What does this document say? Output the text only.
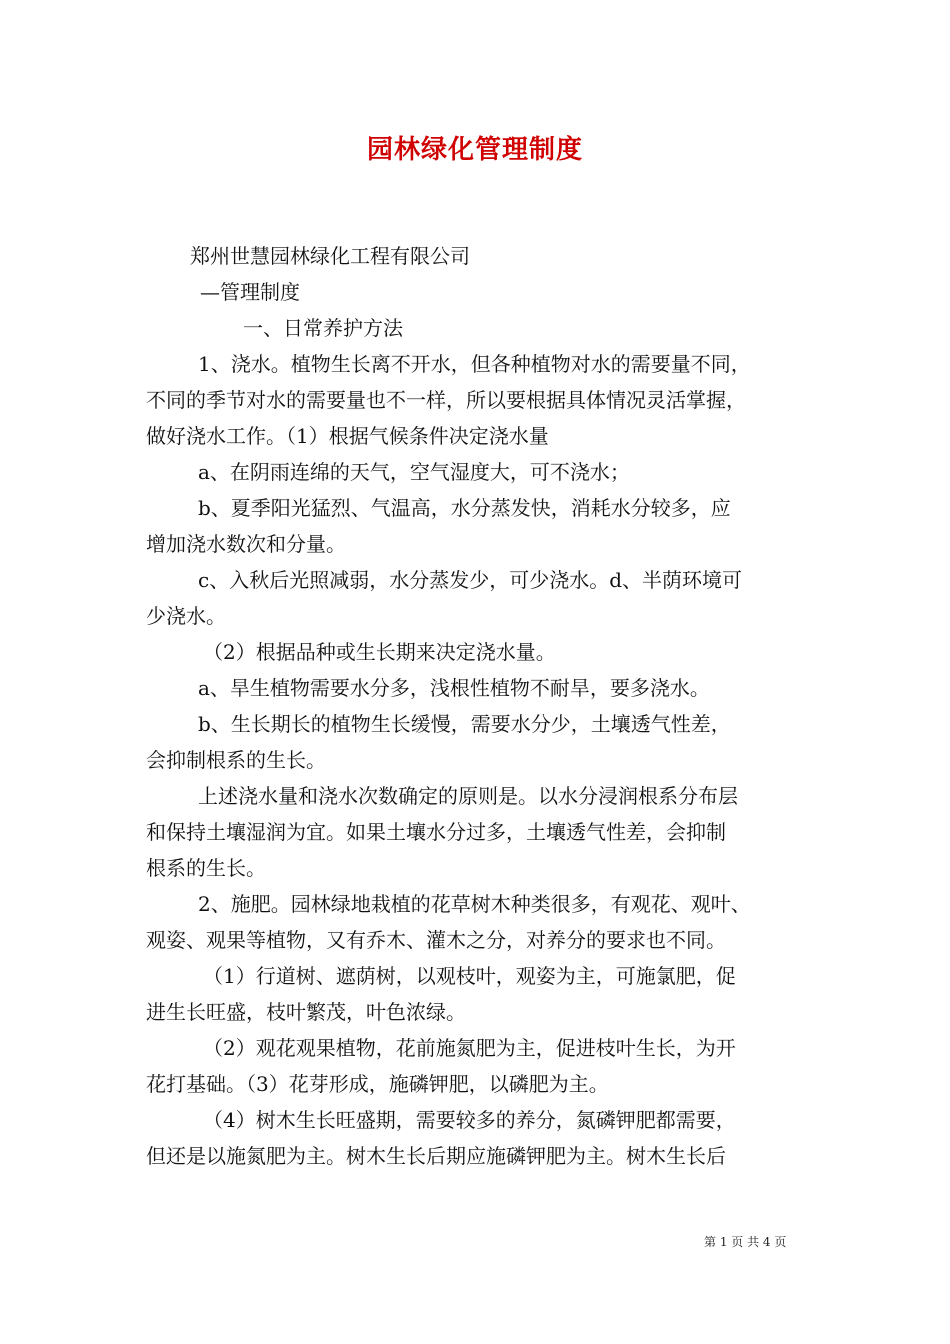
园林绿化管理制度
郑州世慧园林绿化工程有限公司
—管理制度
一、日常养护方法
1、浇水。植物生长离不开水，但各种植物对水的需要量不同，
不同的季节对水的需要量也不一样，所以要根据具体情况灵活掌握，
做好浇水工作。（1）根据气候条件决定浇水量
a、在阴雨连绵的天气，空气湿度大，可不浇水；
b、夏季阳光猛烈、气温高，水分蒸发快，消耗水分较多，应
增加浇水数次和分量。
c、入秋后光照减弱，水分蒸发少，可少浇水。d、半荫环境可
少浇水。
（2）根据品种或生长期来决定浇水量。
a、旱生植物需要水分多，浅根性植物不耐旱，要多浇水。
b、生长期长的植物生长缓慢，需要水分少，土壤透气性差，
会抑制根系的生长。
上述浇水量和浇水次数确定的原则是。以水分浸润根系分布层
和保持土壤湿润为宜。如果土壤水分过多，土壤透气性差，会抑制
根系的生长。
2、施肥。园林绿地栽植的花草树木种类很多，有观花、观叶、
观姿、观果等植物，又有乔木、灌木之分，对养分的要求也不同。
（1）行道树、遮荫树，以观枝叶，观姿为主，可施氯肥，促
进生长旺盛，枝叶繁茂，叶色浓绿。
（2）观花观果植物，花前施氮肥为主，促进枝叶生长，为开
花打基础。（3）花芽形成，施磷钾肥，以磷肥为主。
（4）树木生长旺盛期，需要较多的养分，氮磷钾肥都需要，
但还是以施氮肥为主。树木生长后期应施磷钾肥为主。树木生长后
第 1 页 共 4 页
